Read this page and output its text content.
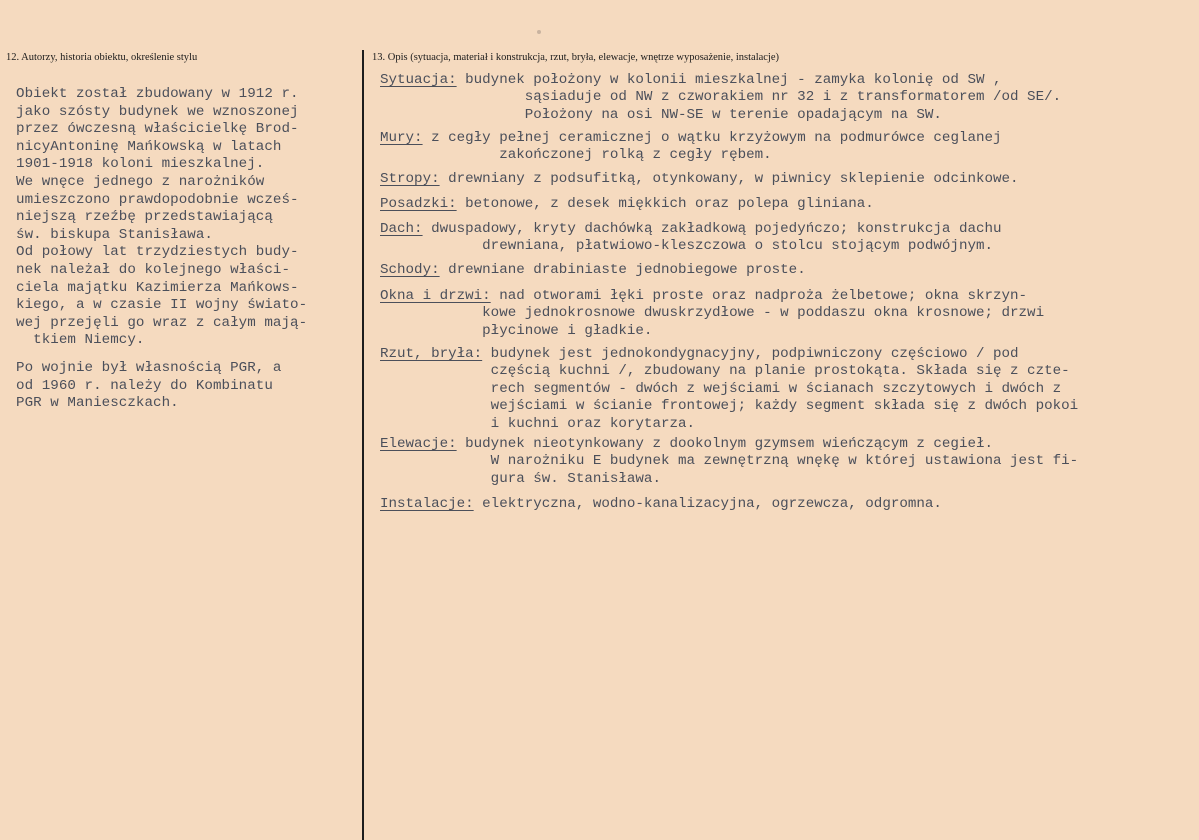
12. Autorzy, historia obiektu, określenie stylu	13. Opis (sytuacja, materiał i konstrukcja, rzut, bryła, elewacje, wnętrze wyposażenie, instalacje)
Obiekt został zbudowany w 1912 r.
jako szósty budynek we wznoszonej
przez ówczesną właścicielkę Brod-
nicyAntoninę Mańkowską w latach
1901-1918 koloni mieszkalnej.
We wnęce jednego z narożników
umieszczono prawdopodobnie wcześ-
niejszą rzeźbę przedstawiającą
św. biskupa Stanisława.
Od połowy lat trzydziestych budy-
nek należał do kolejnego właści-
ciela majątku Kazimierza Mańkows-
kiego, a w czasie II wojny świato-
wej przejęli go wraz z całym mają-
tkiem Niemcy.
Po wojnie był własnością PGR, a
od 1960 r. należy do Kombinatu
PGR w Maniesczkach.
Sytuacja: budynek położony w kolonii mieszkalnej - zamyka kolonię od SW ,
sąsiaduje od NW z czworakiem nr 32 i z transformatorem /od SE/.
Położony na osi NW-SE w terenie opadającym na SW.
Mury: z cegły pełnej ceramicznej o wątku krzyżowym na podmurówce ceglanej
zakończonej rolką z cegły rębem.
Stropy: drewniany z podsufitką, otynkowany, w piwnicy sklepienie odcinkowe.
Posadzki: betonowe, z desek miękkich oraz polepa gliniana.
Dach: dwuspadowy, kryty dachówką zakładkową pojedyńczo; konstrukcja dachu
drewniana, płatwiowo-kleszczowa o stolcu stojącym podwójnym.
Schody: drewniane drabiniaste jednobiegowe proste.
Okna i drzwi: nad otworami łęki proste oraz nadproża żelbetowe; okna skrzyn-
kowe jednokrosnowe dwuskrzydłowe - w poddaszu okna krosnowe; drzwi
płycinowe i gładkie.
Rzut, bryła: budynek jest jednokondygnacyjny, podpiwniczony częściowo / pod
częścią kuchni /, zbudowany na planie prostokąta. Składa się z czte-
rech segmentów - dwóch z wejściami w ścianach szczytowych i dwóch z
wejściami w ścianie frontowej; każdy segment składa się z dwóch pokoi
i kuchni oraz korytarza.
Elewacje: budynek nieotynkowany z dookolnym gzymsem wieńczącym z cegieł.
W narożniku E budynek ma zewnętrzną wnękę w której ustawiona jest fi-
gura św. Stanisława.
Instalacje: elektryczna, wodno-kanalizacyjna, ogrzewcza, odgromna.
